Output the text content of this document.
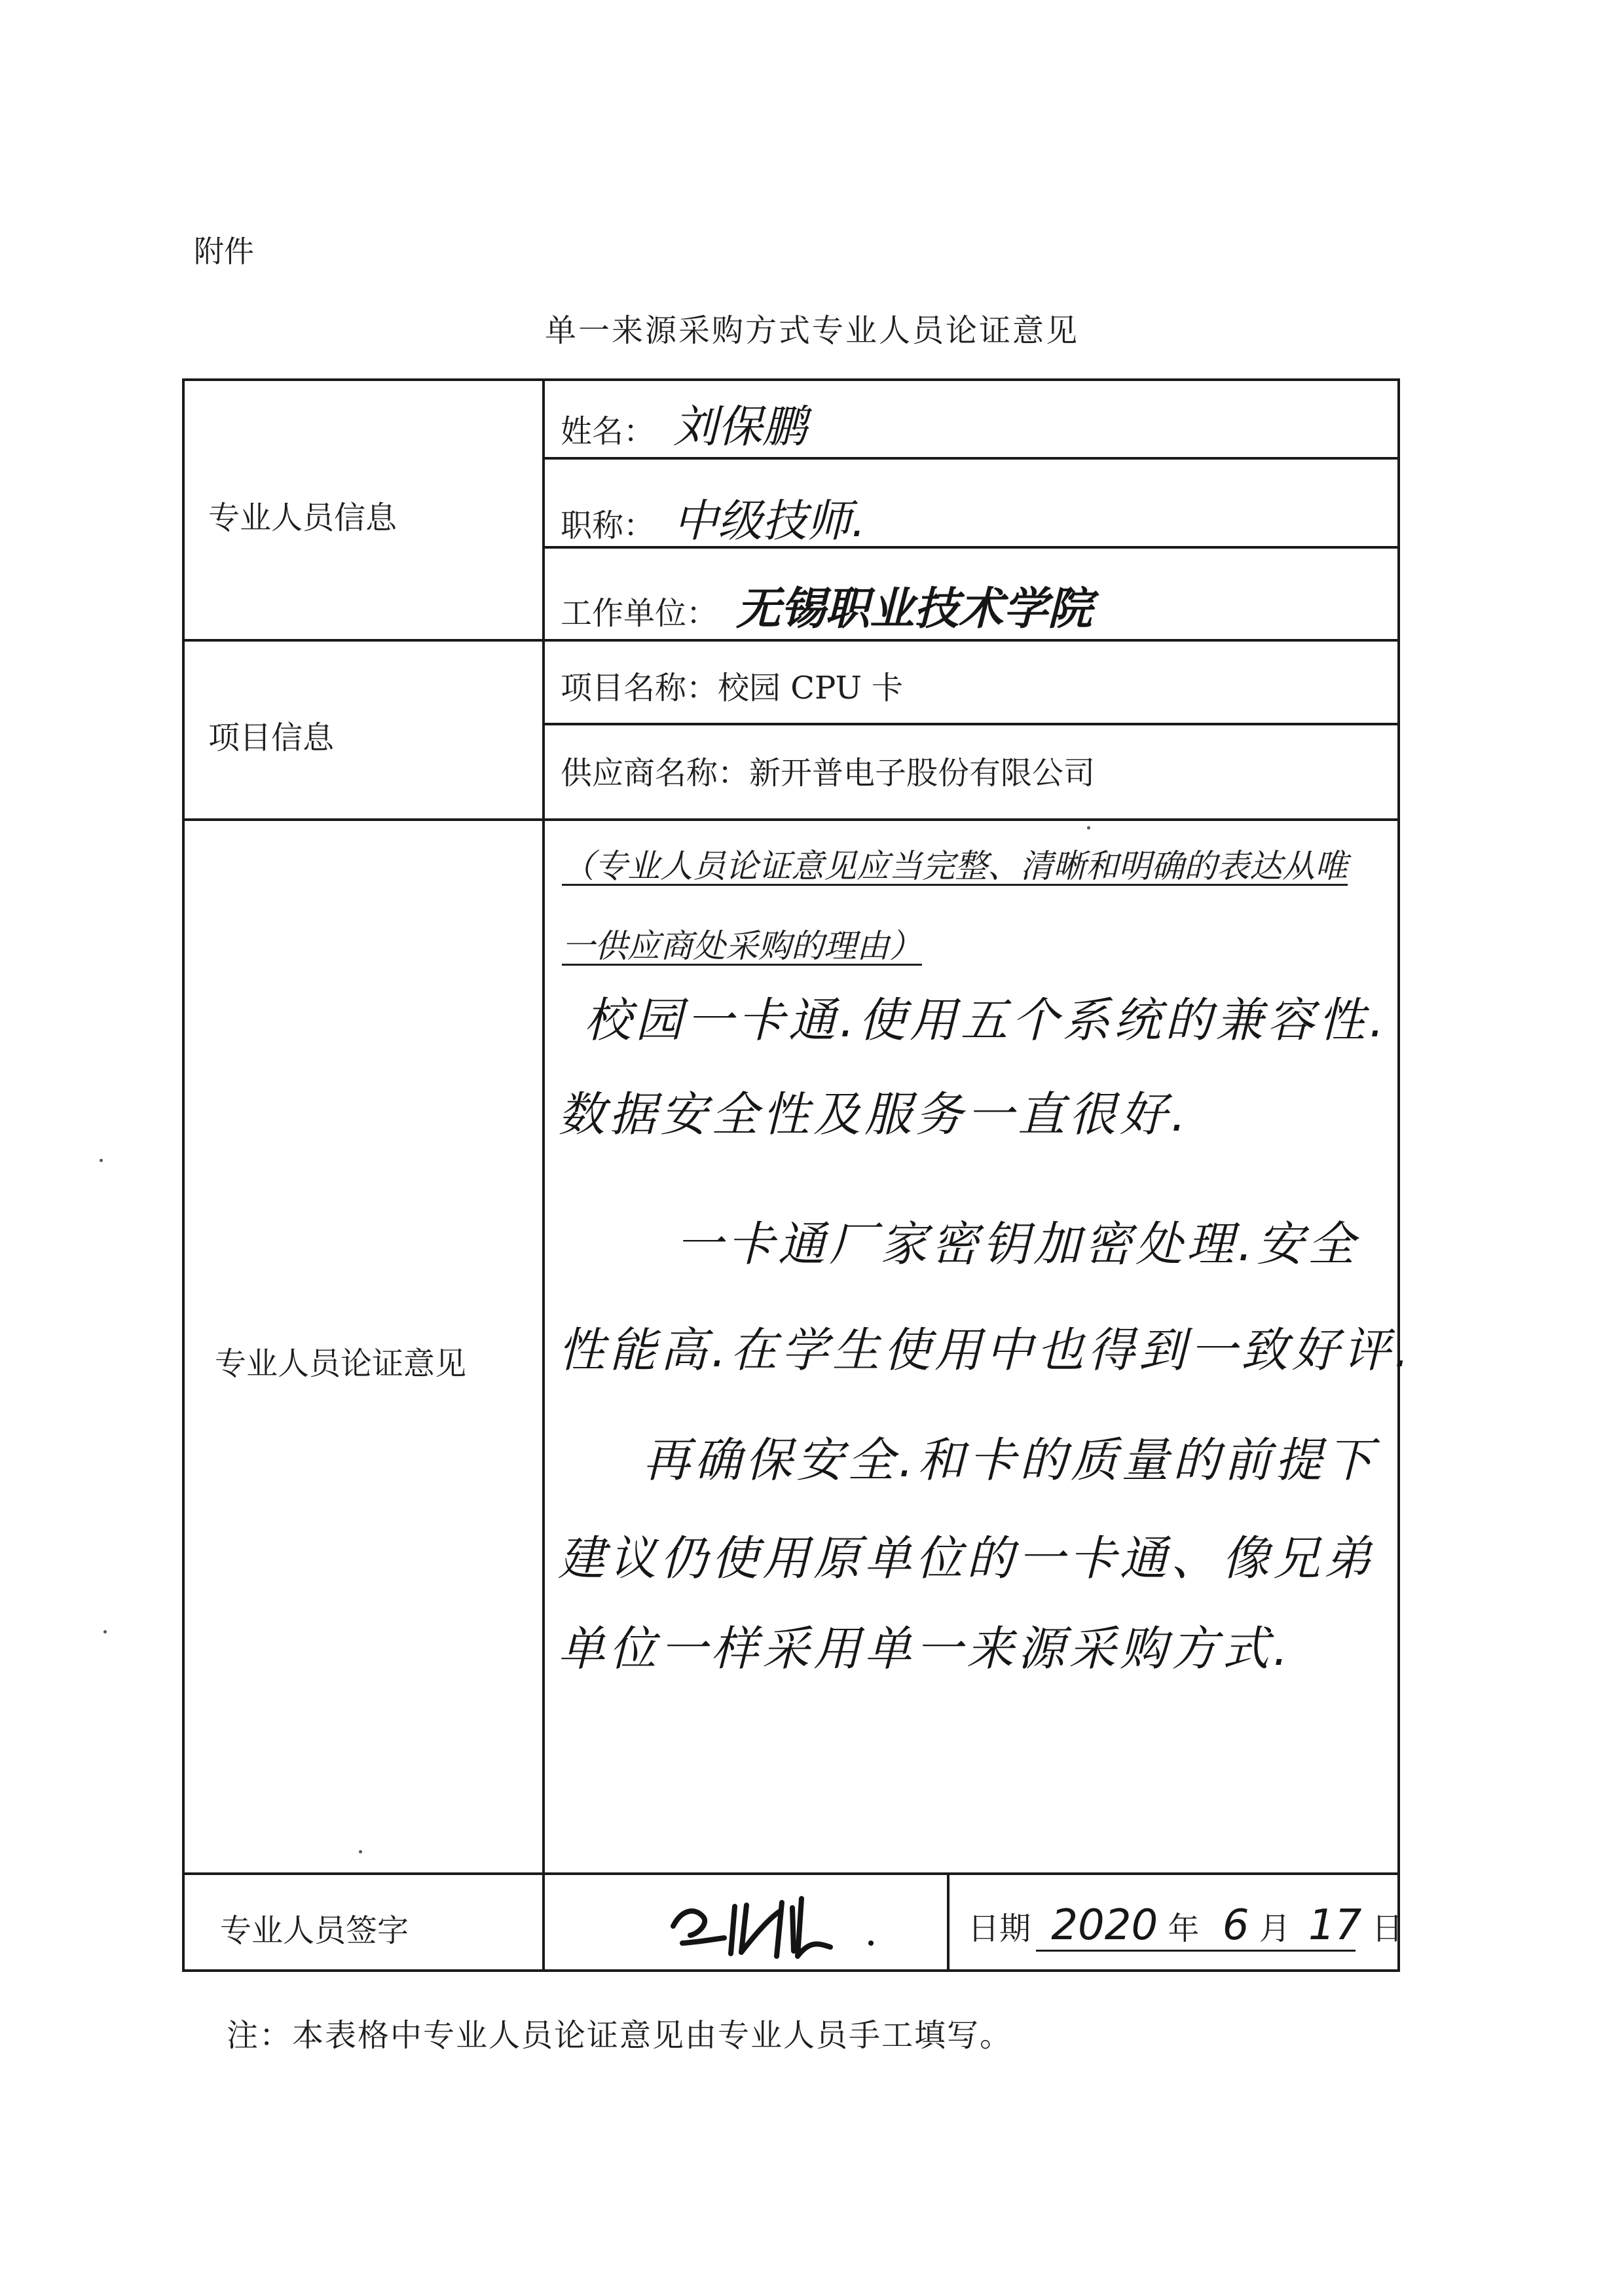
附件
单一来源采购方式专业人员论证意见
专业人员信息
姓名： 刘保鹏
职称： 中级技师.
工作单位： 无锡职业技术学院
项目信息
项目名称： 校园 CPU 卡
供应商名称： 新开普电子股份有限公司
专业人员论证意见
（专业人员论证意见应当完整、清晰和明确的表达从唯一供应商处采购的理由）
校园一卡通.使用五个系统的兼容性.
数据安全性及服务一直很好.
一卡通厂家密钥加密处理.安全
性能高.在学生使用中也得到一致好评.
再确保安全.和卡的质量的前提下
建议仍使用原单位的一卡通、像兄弟
单位一样采用单一来源采购方式.
专业人员签字	日期 2020 年 6 月 17 日
注：本表格中专业人员论证意见由专业人员手工填写。
